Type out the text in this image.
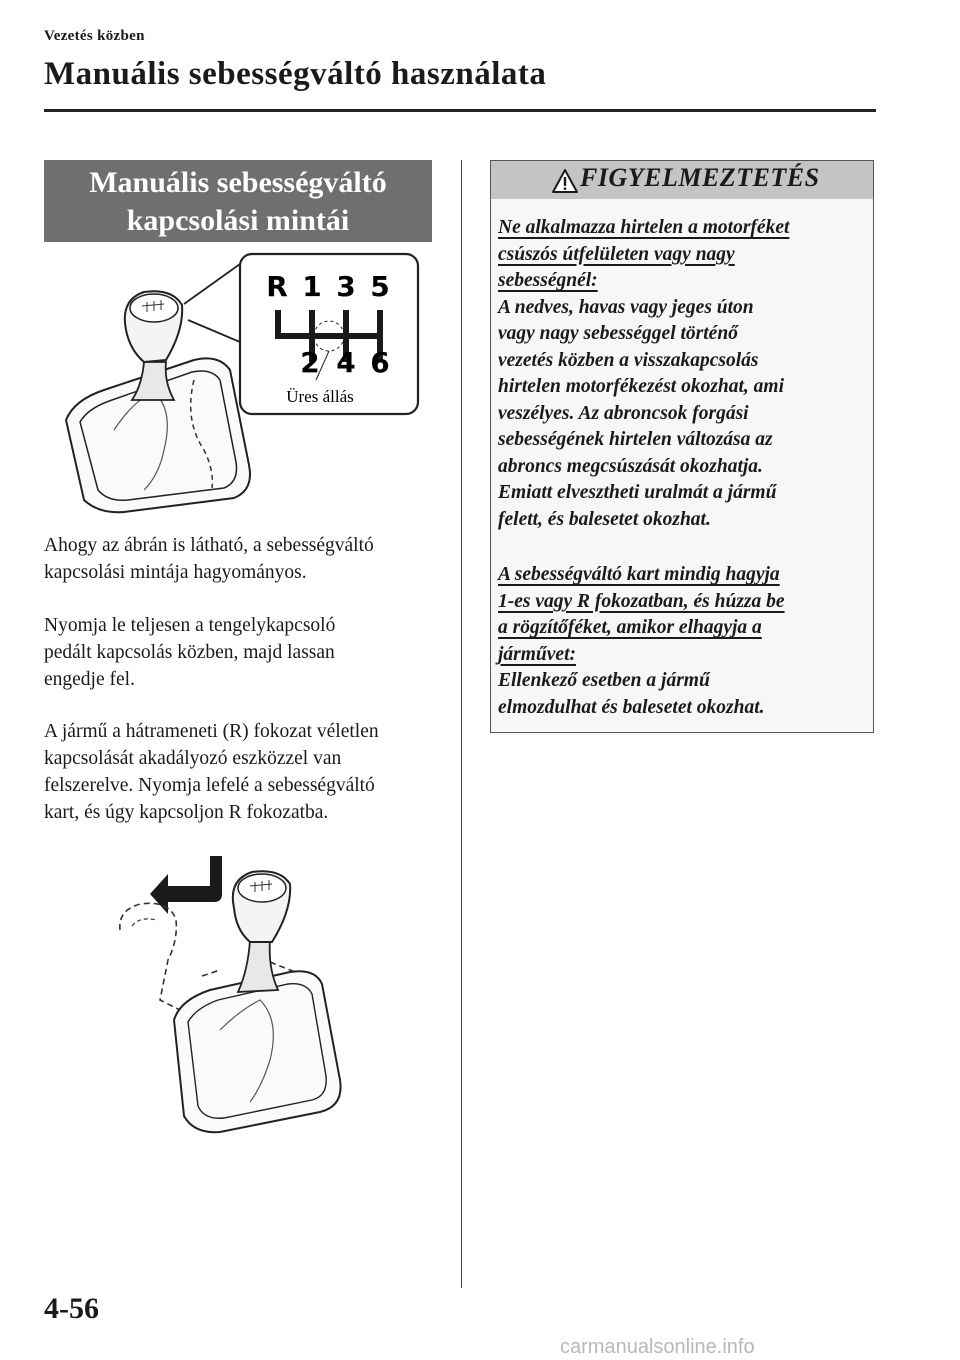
Vezetés közben
Manuális sebességváltó használata
Manuális sebességváltó
kapcsolási mintái
R 1 3 5
2 4 6
Üres állás
Ahogy az ábrán is látható, a sebességváltó
kapcsolási mintája hagyományos.
Nyomja le teljesen a tengelykapcsoló
pedált kapcsolás közben, majd lassan
engedje fel.
A jármű a hátrameneti (R) fokozat véletlen
kapcsolását akadályozó eszközzel van
felszerelve. Nyomja lefelé a sebességváltó
kart, és úgy kapcsoljon R fokozatba.
FIGYELMEZTETÉS
Ne alkalmazza hirtelen a motorféket
csúszós útfelületen vagy nagy
sebességnél:
A nedves, havas vagy jeges úton
vagy nagy sebességgel történő
vezetés közben a visszakapcsolás
hirtelen motorfékezést okozhat, ami
veszélyes. Az abroncsok forgási
sebességének hirtelen változása az
abroncs megcsúszását okozhatja.
Emiatt elvesztheti uralmát a jármű
felett, és balesetet okozhat.
A sebességváltó kart mindig hagyja
1-es vagy R fokozatban, és húzza be
a rögzítőféket, amikor elhagyja a
járművet:
Ellenkező esetben a jármű
elmozdulhat és balesetet okozhat.
4-56
carmanualsonline.info
